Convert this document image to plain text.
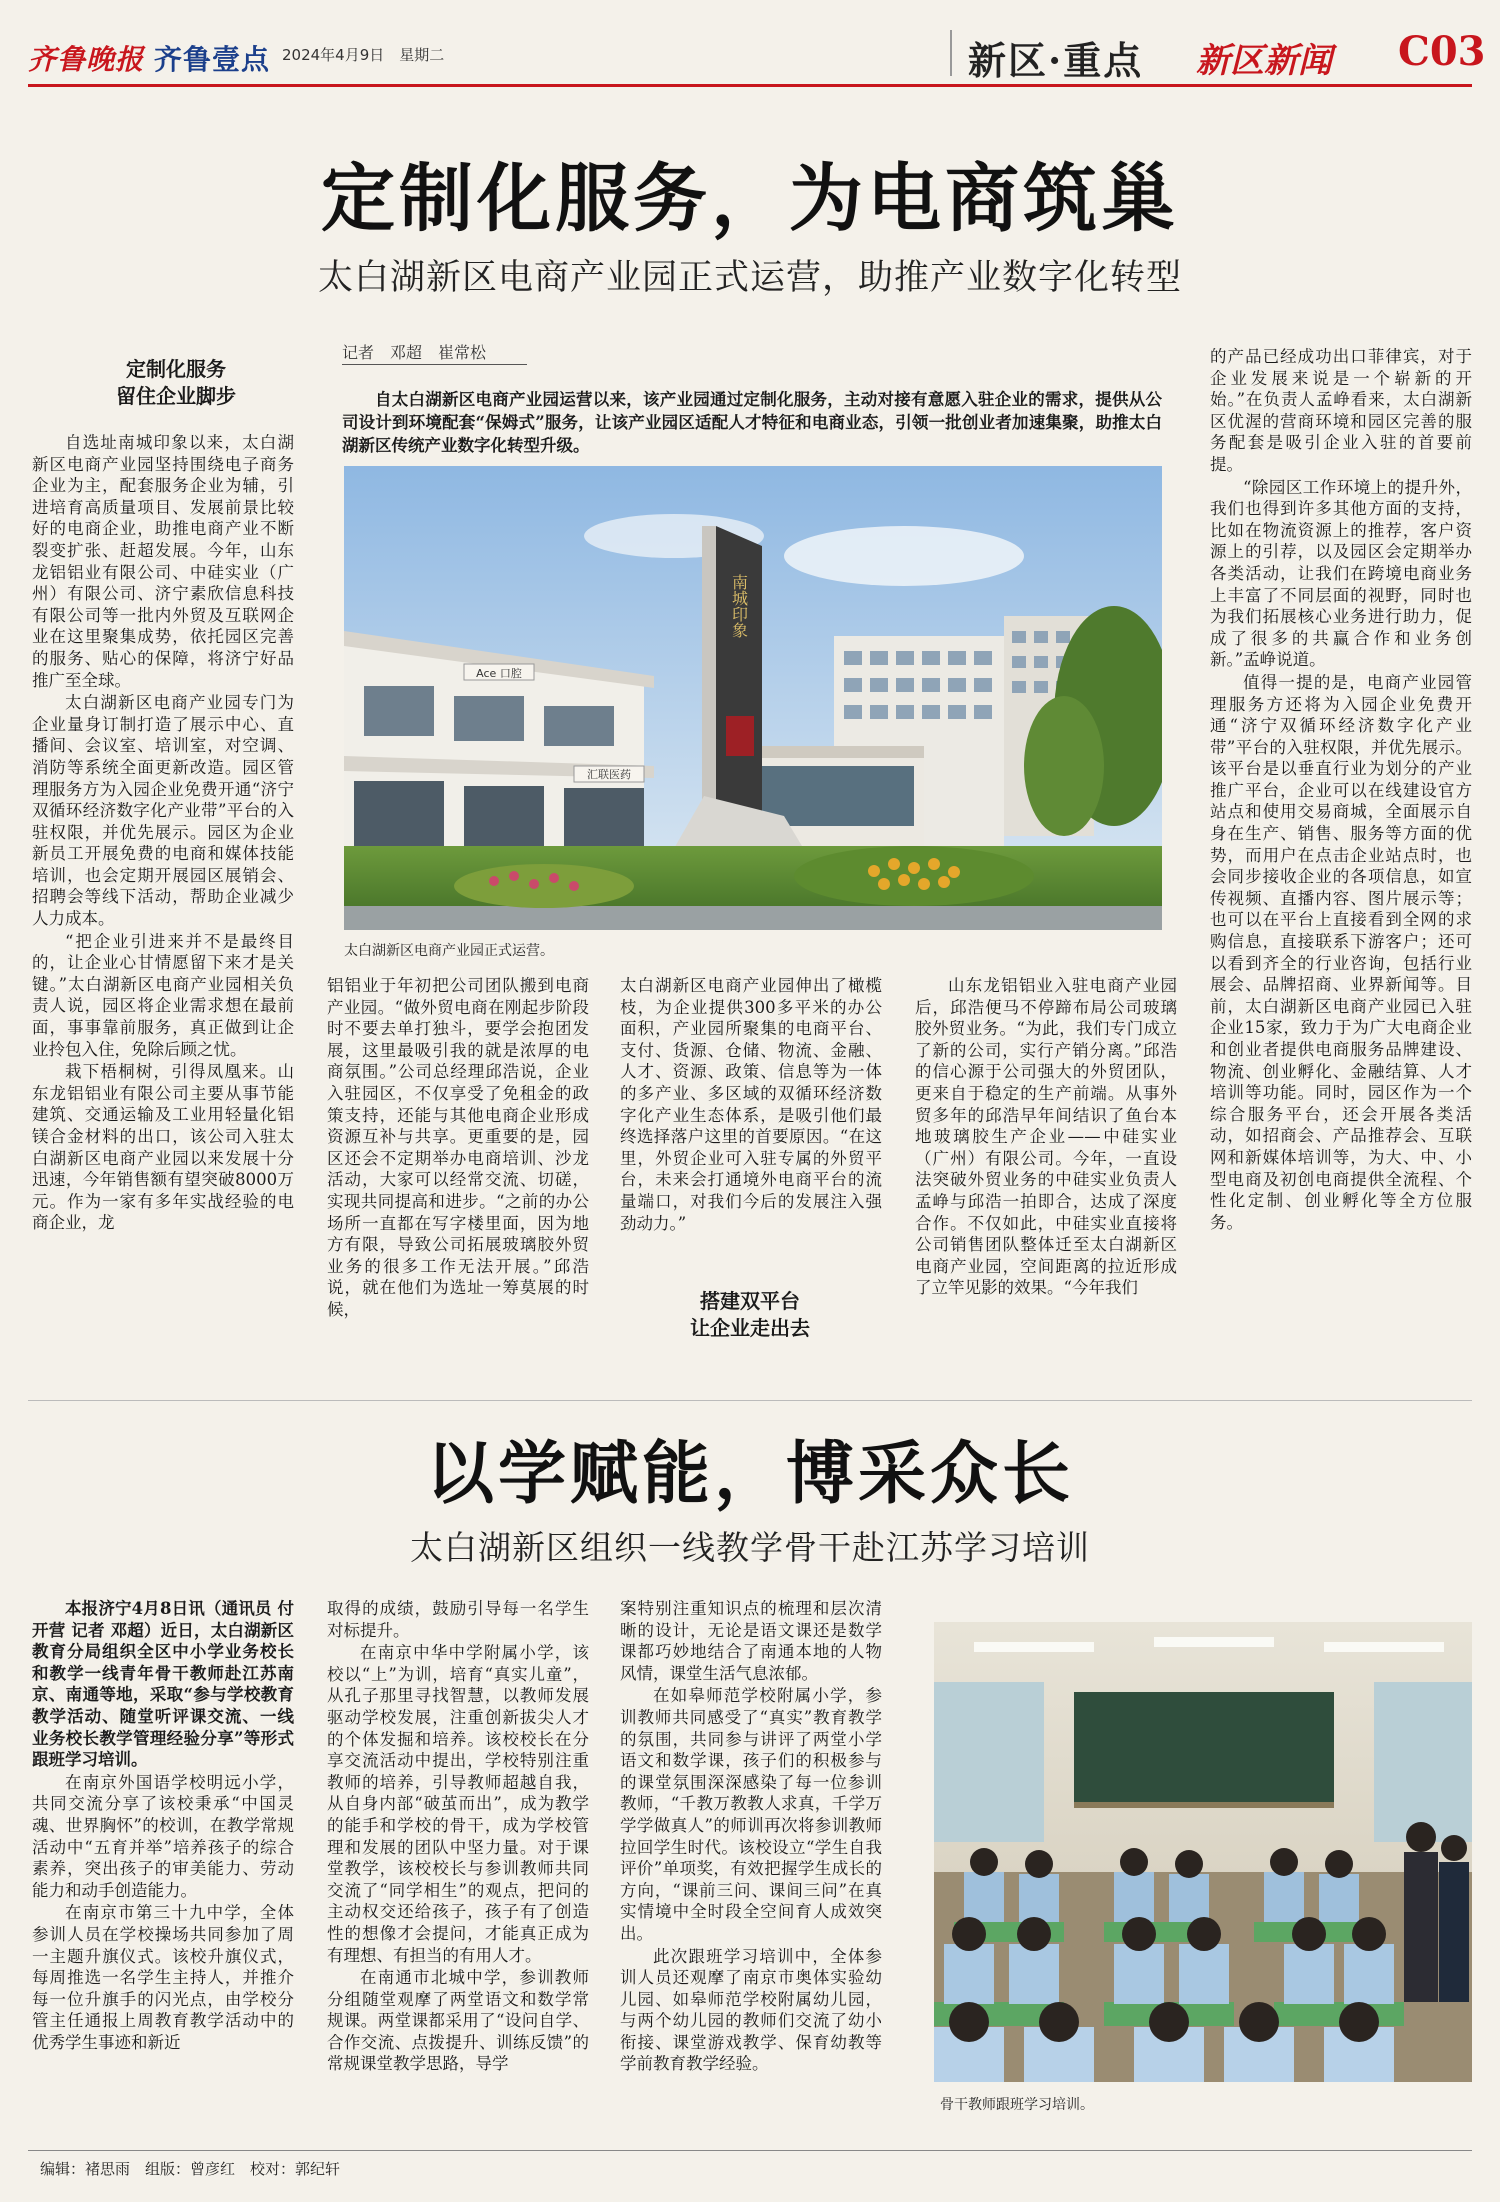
齐鲁晚报 齐鲁壹点 2024年4月9日　星期二	新区·重点 新区新闻 C03
定制化服务，为电商筑巢
太白湖新区电商产业园正式运营，助推产业数字化转型
定制化服务
留住企业脚步
记者　邓超　崔常松
自太白湖新区电商产业园运营以来，该产业园通过定制化服务，主动对接有意愿入驻企业的需求，提供从公司设计到环境配套“保姆式”服务，让该产业园区适配人才特征和电商业态，引领一批创业者加速集聚，助推太白湖新区传统产业数字化转型升级。

自选址南城印象以来，太白湖新区电商产业园坚持围绕电子商务企业为主，配套服务企业为辅，引进培育高质量项目、发展前景比较好的电商企业，助推电商产业不断裂变扩张、赶超发展。今年，山东龙铝铝业有限公司、中硅实业（广州）有限公司、济宁素欣信息科技有限公司等一批内外贸及互联网企业在这里聚集成势，依托园区完善的服务、贴心的保障，将济宁好品推广至全球。

太白湖新区电商产业园专门为企业量身订制打造了展示中心、直播间、会议室、培训室，对空调、消防等系统全面更新改造。园区管理服务方为入园企业免费开通“济宁双循环经济数字化产业带”平台的入驻权限，并优先展示。园区为企业新员工开展免费的电商和媒体技能培训，也会定期开展园区展销会、招聘会等线下活动，帮助企业减少人力成本。

“把企业引进来并不是最终目的，让企业心甘情愿留下来才是关键。”太白湖新区电商产业园相关负责人说，园区将企业需求想在最前面，事事靠前服务，真正做到让企业拎包入住，免除后顾之忧。

栽下梧桐树，引得凤凰来。山东龙铝铝业有限公司主要从事节能建筑、交通运输及工业用轻量化铝镁合金材料的出口，该公司入驻太白湖新区电商产业园以来发展十分迅速，今年销售额有望突破8000万元。作为一家有多年实战经验的电商企业，龙

Ace 口腔
汇联医药
南城印象
太白湖新区电商产业园正式运营。

铝铝业于年初把公司团队搬到电商产业园。“做外贸电商在刚起步阶段时不要去单打独斗，要学会抱团发展，这里最吸引我的就是浓厚的电商氛围。”公司总经理邱浩说，企业入驻园区，不仅享受了免租金的政策支持，还能与其他电商企业形成资源互补与共享。更重要的是，园区还会不定期举办电商培训、沙龙活动，大家可以经常交流、切磋，实现共同提高和进步。“之前的办公场所一直都在写字楼里面，因为地方有限，导致公司拓展玻璃胶外贸业务的很多工作无法开展。”邱浩说，就在他们为选址一筹莫展的时候，

太白湖新区电商产业园伸出了橄榄枝，为企业提供300多平米的办公面积，产业园所聚集的电商平台、支付、货源、仓储、物流、金融、人才、资源、政策、信息等为一体的多产业、多区域的双循环经济数字化产业生态体系，是吸引他们最终选择落户这里的首要原因。“在这里，外贸企业可入驻专属的外贸平台，未来会打通境外电商平台的流量端口，对我们今后的发展注入强劲动力。”

搭建双平台
让企业走出去

山东龙铝铝业入驻电商产业园后，邱浩便马不停蹄布局公司玻璃胶外贸业务。“为此，我们专门成立了新的公司，实行产销分离。”邱浩的信心源于公司强大的外贸团队，更来自于稳定的生产前端。从事外贸多年的邱浩早年间结识了鱼台本地玻璃胶生产企业——中硅实业（广州）有限公司。今年，一直设法突破外贸业务的中硅实业负责人孟峥与邱浩一拍即合，达成了深度合作。不仅如此，中硅实业直接将公司销售团队整体迁至太白湖新区电商产业园，空间距离的拉近形成了立竿见影的效果。“今年我们

的产品已经成功出口菲律宾，对于企业发展来说是一个崭新的开始。”在负责人孟峥看来，太白湖新区优渥的营商环境和园区完善的服务配套是吸引企业入驻的首要前提。

“除园区工作环境上的提升外，我们也得到许多其他方面的支持，比如在物流资源上的推荐，客户资源上的引荐，以及园区会定期举办各类活动，让我们在跨境电商业务上丰富了不同层面的视野，同时也为我们拓展核心业务进行助力，促成了很多的共赢合作和业务创新。”孟峥说道。

值得一提的是，电商产业园管理服务方还将为入园企业免费开通“济宁双循环经济数字化产业带”平台的入驻权限，并优先展示。该平台是以垂直行业为划分的产业推广平台，企业可以在线建设官方站点和使用交易商城，全面展示自身在生产、销售、服务等方面的优势，而用户在点击企业站点时，也会同步接收企业的各项信息，如宣传视频、直播内容、图片展示等；也可以在平台上直接看到全网的求购信息，直接联系下游客户；还可以看到齐全的行业咨询，包括行业展会、品牌招商、业界新闻等。目前，太白湖新区电商产业园已入驻企业15家，致力于为广大电商企业和创业者提供电商服务品牌建设、物流、创业孵化、金融结算、人才培训等功能。同时，园区作为一个综合服务平台，还会开展各类活动，如招商会、产品推荐会、互联网和新媒体培训等，为大、中、小型电商及初创电商提供全流程、个性化定制、创业孵化等全方位服务。

以学赋能，博采众长
太白湖新区组织一线教学骨干赴江苏学习培训

本报济宁4月8日讯（通讯员 付开营 记者 邓超）近日，太白湖新区教育分局组织全区中小学业务校长和教学一线青年骨干教师赴江苏南京、南通等地，采取“参与学校教育教学活动、随堂听评课交流、一线业务校长教学管理经验分享”等形式跟班学习培训。

在南京外国语学校明远小学，共同交流分享了该校秉承“中国灵魂、世界胸怀”的校训，在教学常规活动中“五育并举”培养孩子的综合素养，突出孩子的审美能力、劳动能力和动手创造能力。

在南京市第三十九中学，全体参训人员在学校操场共同参加了周一主题升旗仪式。该校升旗仪式，每周推选一名学生主持人，并推介每一位升旗手的闪光点，由学校分管主任通报上周教育教学活动中的优秀学生事迹和新近

取得的成绩，鼓励引导每一名学生对标提升。

在南京中华中学附属小学，该校以“上”为训，培育“真实儿童”，从孔子那里寻找智慧，以教师发展驱动学校发展，注重创新拔尖人才的个体发掘和培养。该校校长在分享交流活动中提出，学校特别注重教师的培养，引导教师超越自我，从自身内部“破茧而出”，成为教学的能手和学校的骨干，成为学校管理和发展的团队中坚力量。对于课堂教学，该校校长与参训教师共同交流了“同学相生”的观点，把问的主动权交还给孩子，孩子有了创造性的想像才会提问，才能真正成为有理想、有担当的有用人才。

在南通市北城中学，参训教师分组随堂观摩了两堂语文和数学常规课。两堂课都采用了“设问自学、合作交流、点拨提升、训练反馈”的常规课堂教学思路，导学

案特别注重知识点的梳理和层次清晰的设计，无论是语文课还是数学课都巧妙地结合了南通本地的人物风情，课堂生活气息浓郁。

在如皋师范学校附属小学，参训教师共同感受了“真实”教育教学的氛围，共同参与讲评了两堂小学语文和数学课，孩子们的积极参与的课堂氛围深深感染了每一位参训教师，“千教万教教人求真，千学万学学做真人”的师训再次将参训教师拉回学生时代。该校设立“学生自我评价”单项奖，有效把握学生成长的方向，“课前三问、课间三问”在真实情境中全时段全空间育人成效突出。

此次跟班学习培训中，全体参训人员还观摩了南京市奥体实验幼儿园、如皋师范学校附属幼儿园，与两个幼儿园的教师们交流了幼小衔接、课堂游戏教学、保育幼教等学前教育教学经验。

骨干教师跟班学习培训。
编辑：褚思雨　组版：曾彦红　校对：郭纪轩
